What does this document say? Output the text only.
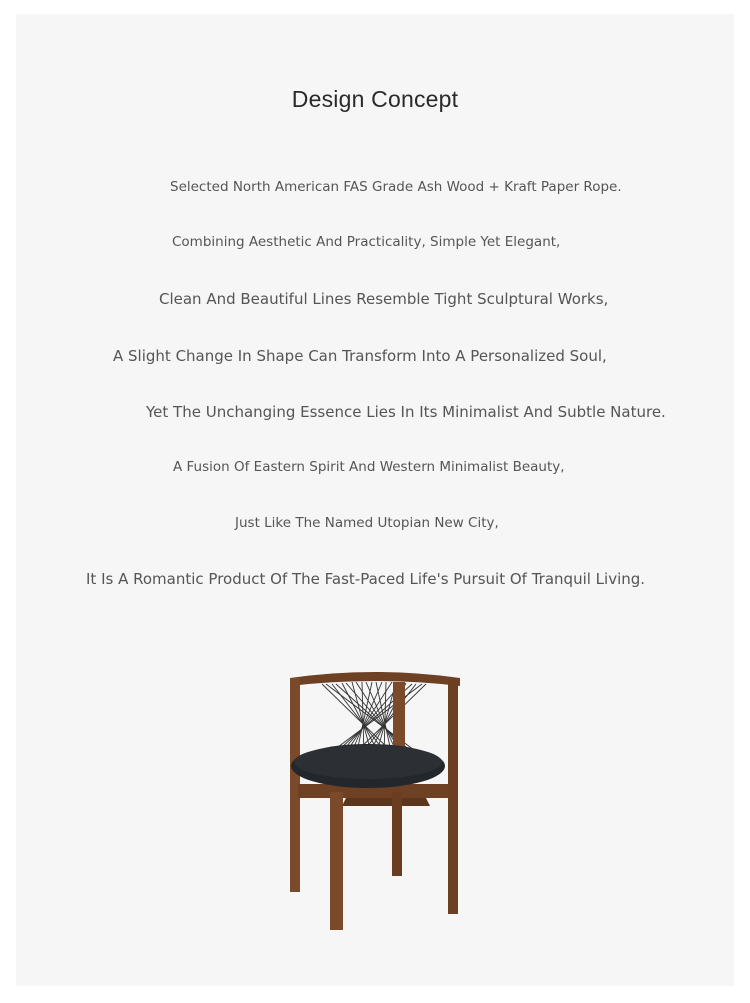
Design Concept
Selected North American FAS Grade Ash Wood + Kraft Paper Rope.
Combining Aesthetic And Practicality, Simple Yet Elegant,
Clean And Beautiful Lines Resemble Tight Sculptural Works,
A Slight Change In Shape Can Transform Into A Personalized Soul,
Yet The Unchanging Essence Lies In Its Minimalist And Subtle Nature.
A Fusion Of Eastern Spirit And Western Minimalist Beauty,
Just Like The Named Utopian New City,
It Is A Romantic Product Of The Fast-Paced Life's Pursuit Of Tranquil Living.
